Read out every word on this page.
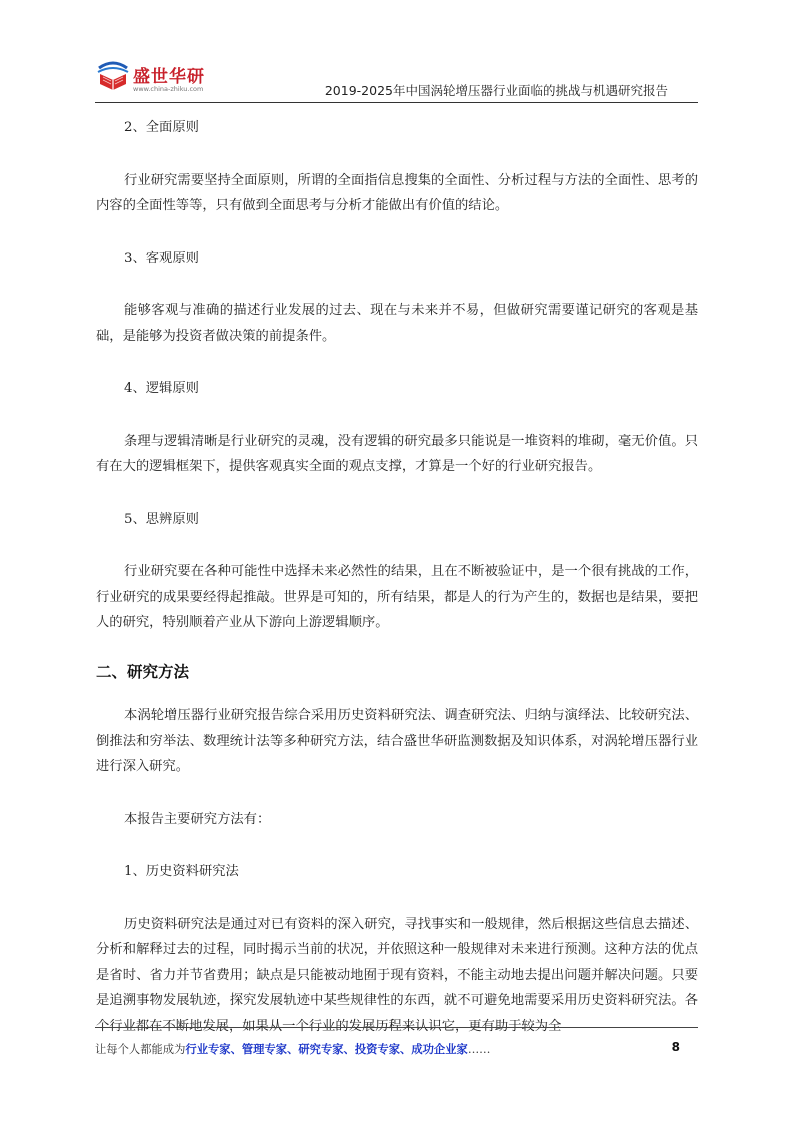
盛世华研
www.china-zhiku.com	2019-2025年中国涡轮增压器行业面临的挑战与机遇研究报告

2、全面原则

行业研究需要坚持全面原则，所谓的全面指信息搜集的全面性、分析过程与方法的全面性、思考的内容的全面性等等，只有做到全面思考与分析才能做出有价值的结论。

3、客观原则

能够客观与准确的描述行业发展的过去、现在与未来并不易，但做研究需要谨记研究的客观是基础，是能够为投资者做决策的前提条件。

4、逻辑原则

条理与逻辑清晰是行业研究的灵魂，没有逻辑的研究最多只能说是一堆资料的堆砌，毫无价值。只有在大的逻辑框架下，提供客观真实全面的观点支撑，才算是一个好的行业研究报告。

5、思辨原则

行业研究要在各种可能性中选择未来必然性的结果，且在不断被验证中，是一个很有挑战的工作，行业研究的成果要经得起推敲。世界是可知的，所有结果，都是人的行为产生的，数据也是结果，要把人的研究，特别顺着产业从下游向上游逻辑顺序。

二、研究方法

本涡轮增压器行业研究报告综合采用历史资料研究法、调查研究法、归纳与演绎法、比较研究法、倒推法和穷举法、数理统计法等多种研究方法，结合盛世华研监测数据及知识体系，对涡轮增压器行业进行深入研究。

本报告主要研究方法有：

1、历史资料研究法

历史资料研究法是通过对已有资料的深入研究，寻找事实和一般规律，然后根据这些信息去描述、分析和解释过去的过程，同时揭示当前的状况，并依照这种一般规律对未来进行预测。这种方法的优点是省时、省力并节省费用；缺点是只能被动地囿于现有资料，不能主动地去提出问题并解决问题。只要是追溯事物发展轨迹，探究发展轨迹中某些规律性的东西，就不可避免地需要采用历史资料研究法。各个行业都在不断地发展，如果从一个行业的发展历程来认识它，更有助于较为全

让每个人都能成为行业专家、管理专家、研究专家、投资专家、成功企业家……	8
